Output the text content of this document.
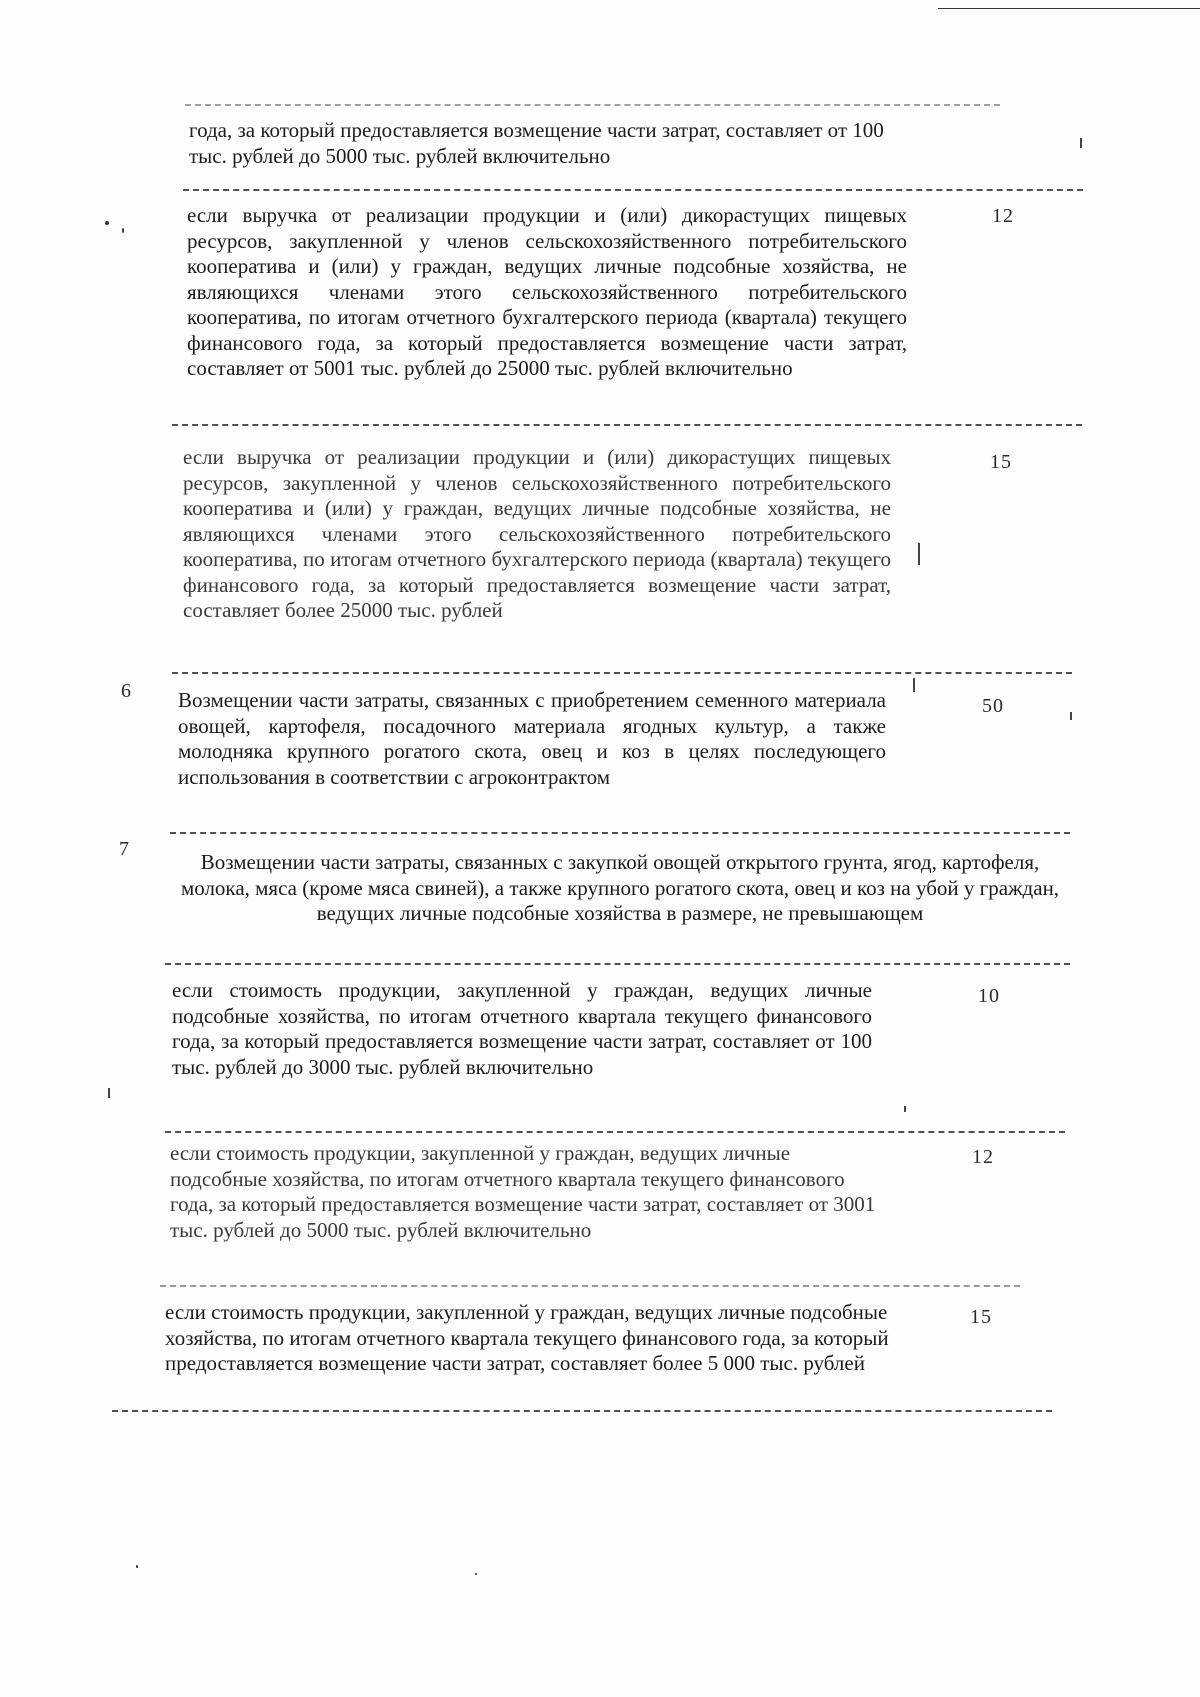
года, за который предоставляется возмещение части затрат, составляет от 100 тыс. рублей до 5000 тыс. рублей включительно
если выручка от реализации продукции и (или) дикорастущих пищевых ресурсов, закупленной у членов сельскохозяйственного потребительского кооператива и (или) у граждан, ведущих личные подсобные хозяйства, не являющихся членами этого сельскохозяйственного потребительского кооператива, по итогам отчетного бухгалтерского периода (квартала) текущего финансового года, за который предоставляется возмещение части затрат, составляет от 5001 тыс. рублей до 25000 тыс. рублей включительно
12
если выручка от реализации продукции и (или) дикорастущих пищевых ресурсов, закупленной у членов сельскохозяйственного потребительского кооператива и (или) у граждан, ведущих личные подсобные хозяйства, не являющихся членами этого сельскохозяйственного потребительского кооператива, по итогам отчетного бухгалтерского периода (квартала) текущего финансового года, за который предоставляется возмещение части затрат, составляет более 25000 тыс. рублей
15
6 Возмещении части затраты, связанных с приобретением семенного материала овощей, картофеля, посадочного материала ягодных культур, а также молодняка крупного рогатого скота, овец и коз в целях последующего использования в соответствии с агроконтрактом
50
7
Возмещении части затраты, связанных с закупкой овощей открытого грунта, ягод, картофеля, молока, мяса (кроме мяса свиней), а также крупного рогатого скота, овец и коз на убой у граждан, ведущих личные подсобные хозяйства в размере, не превышающем
если стоимость продукции, закупленной у граждан, ведущих личные подсобные хозяйства, по итогам отчетного квартала текущего финансового года, за который предоставляется возмещение части затрат, составляет от 100 тыс. рублей до 3000 тыс. рублей включительно
10
если стоимость продукции, закупленной у граждан, ведущих личные подсобные хозяйства, по итогам отчетного квартала текущего финансового года, за который предоставляется возмещение части затрат, составляет от 3001 тыс. рублей до 5000 тыс. рублей включительно
12
если стоимость продукции, закупленной у граждан, ведущих личные подсобные хозяйства, по итогам отчетного квартала текущего финансового года, за который предоставляется возмещение части затрат, составляет более 5 000 тыс. рублей
15
